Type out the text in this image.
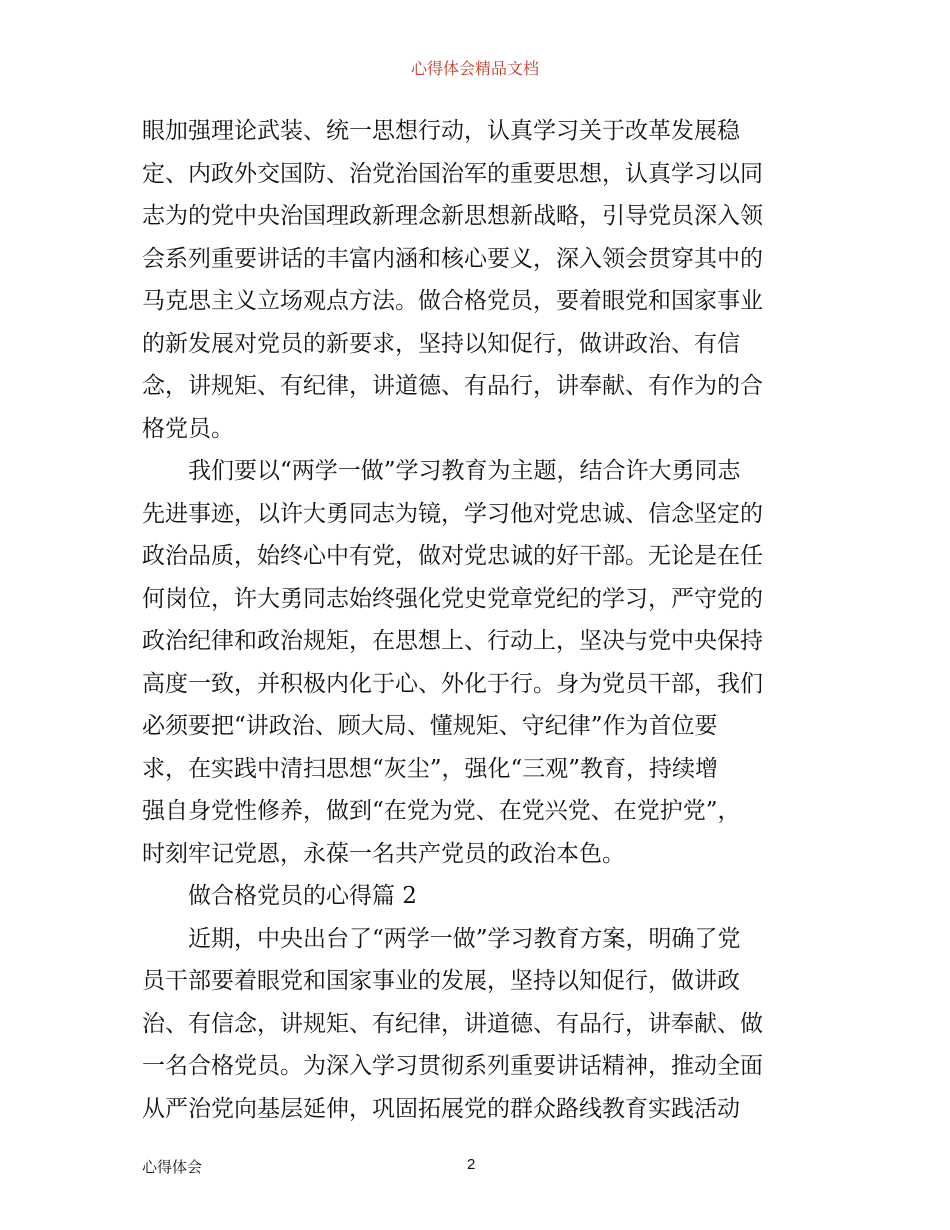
心得体会精品文档
眼加强理论武装、统一思想行动，认真学习关于改革发展稳
定、内政外交国防、治党治国治军的重要思想，认真学习以同
志为的党中央治国理政新理念新思想新战略，引导党员深入领
会系列重要讲话的丰富内涵和核心要义，深入领会贯穿其中的
马克思主义立场观点方法。做合格党员，要着眼党和国家事业
的新发展对党员的新要求，坚持以知促行，做讲政治、有信
念，讲规矩、有纪律，讲道德、有品行，讲奉献、有作为的合
格党员。
我们要以“两学一做”学习教育为主题，结合许大勇同志
先进事迹，以许大勇同志为镜，学习他对党忠诚、信念坚定的
政治品质，始终心中有党，做对党忠诚的好干部。无论是在任
何岗位，许大勇同志始终强化党史党章党纪的学习，严守党的
政治纪律和政治规矩，在思想上、行动上，坚决与党中央保持
高度一致，并积极内化于心、外化于行。身为党员干部，我们
必须要把“讲政治、顾大局、懂规矩、守纪律”作为首位要
求，在实践中清扫思想“灰尘”，强化“三观”教育，持续增
强自身党性修养，做到“在党为党、在党兴党、在党护党”，
时刻牢记党恩，永葆一名共产党员的政治本色。
做合格党员的心得篇 2
近期，中央出台了“两学一做”学习教育方案，明确了党
员干部要着眼党和国家事业的发展，坚持以知促行，做讲政
治、有信念，讲规矩、有纪律，讲道德、有品行，讲奉献、做
一名合格党员。为深入学习贯彻系列重要讲话精神，推动全面
从严治党向基层延伸，巩固拓展党的群众路线教育实践活动
心得体会	2
